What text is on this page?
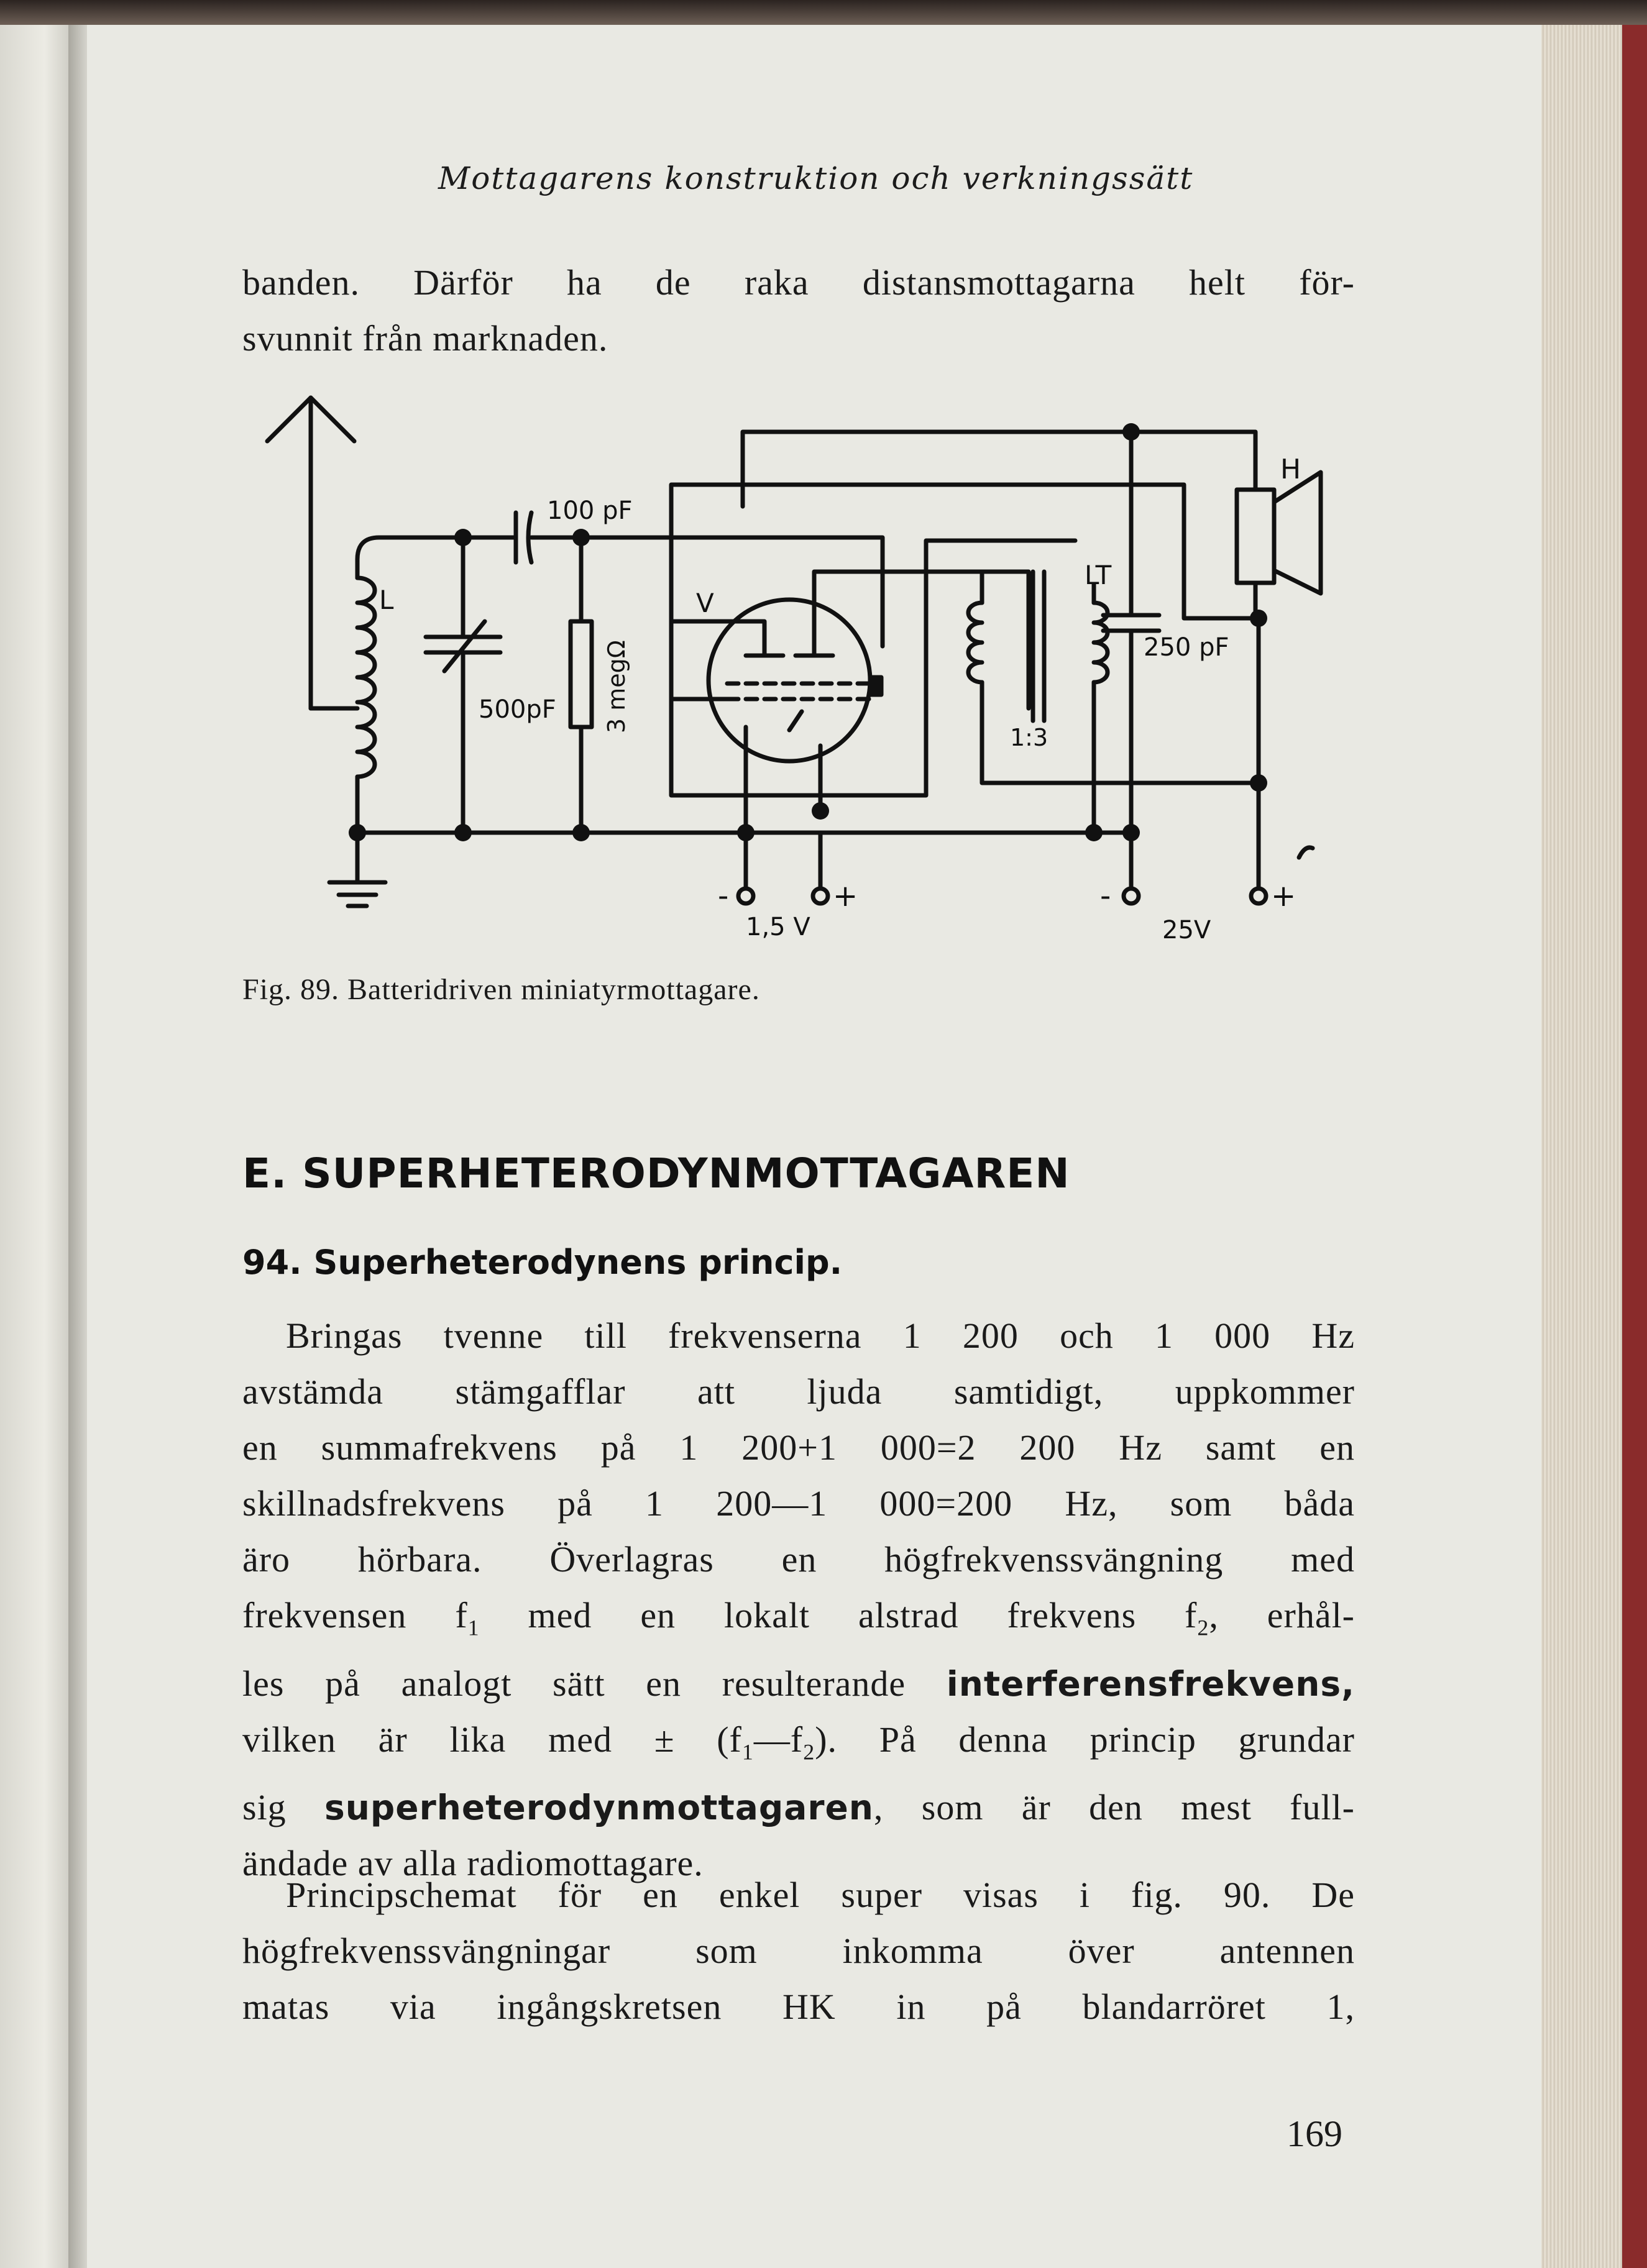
Mottagarens konstruktion och verkningssätt
banden. Därför ha de raka distansmottagarna helt för-
svunnit från marknaden.
100 pF
500pF 3 megΩ
L	V
LT
1:3
250 pF
H
-	+
1,5 V
-	+
25V
Fig. 89. Batteridriven miniatyrmottagare.
E. SUPERHETERODYNMOTTAGAREN
94. Superheterodynens princip.
Bringas tvenne till frekvenserna 1 200 och 1 000 Hz
avstämda stämgafflar att ljuda samtidigt, uppkommer
en summafrekvens på 1 200+1 000=2 200 Hz samt en
skillnadsfrekvens på 1 200—1 000=200 Hz, som båda
äro hörbara. Överlagras en högfrekvenssvängning med
frekvensen $f_1$ med en lokalt alstrad frekvens $f_2$, erhål-
les på analogt sätt en resulterande interferensfrekvens,
vilken är lika med ± $(f_1—f_2)$. På denna princip grundar
sig superheterodynmottagaren, som är den mest full-
ändade av alla radiomottagare.
Principschemat för en enkel super visas i fig. 90. De
högfrekvenssvängningar som inkomma över antennen
matas via ingångskretsen HK in på blandarröret 1,
169
